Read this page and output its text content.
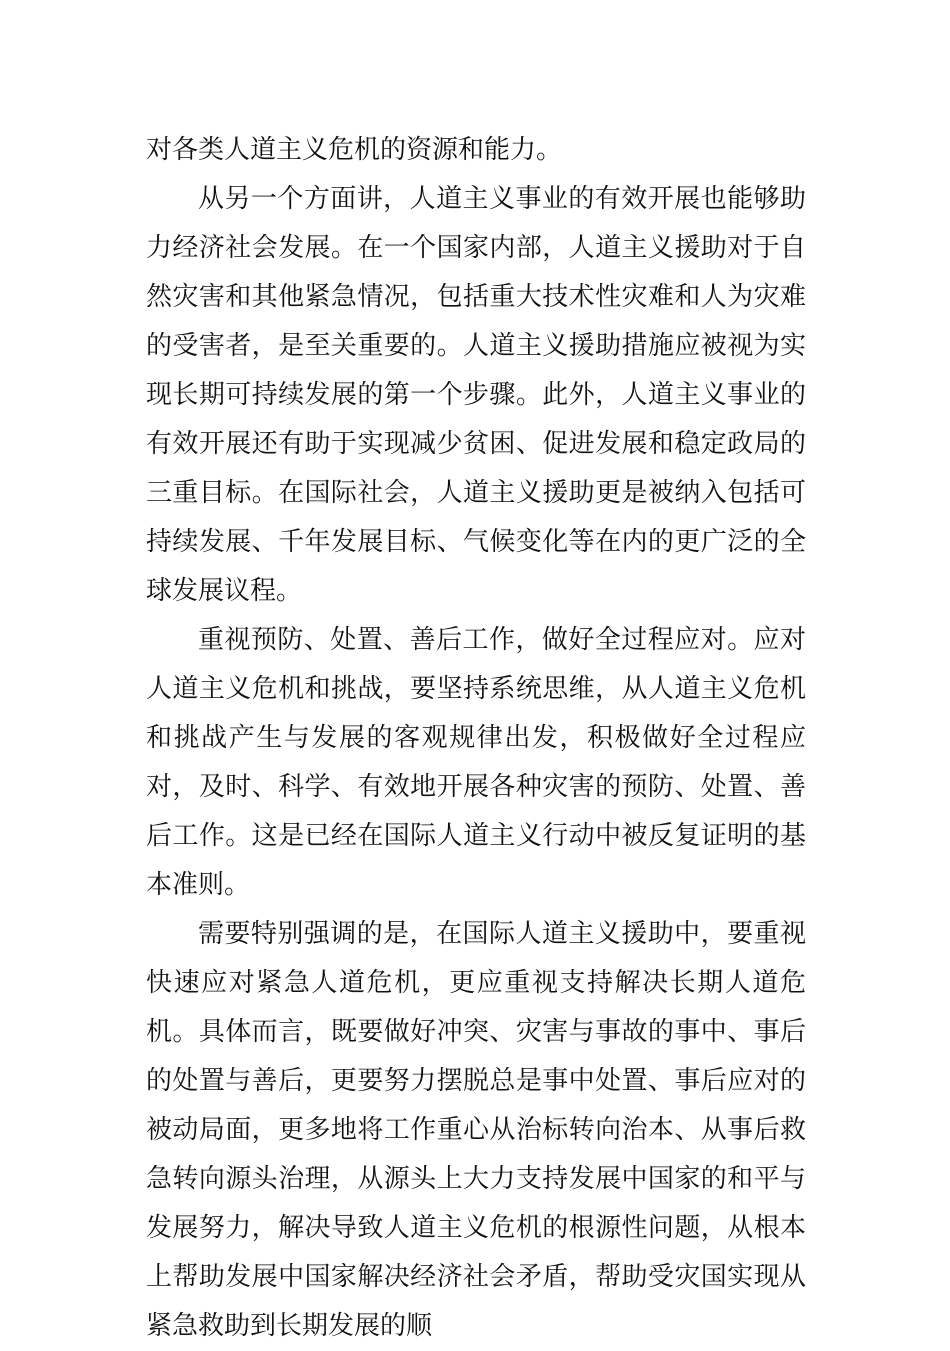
对各类人道主义危机的资源和能力。

从另一个方面讲，人道主义事业的有效开展也能够助力经济社会发展。在一个国家内部，人道主义援助对于自然灾害和其他紧急情况，包括重大技术性灾难和人为灾难的受害者，是至关重要的。人道主义援助措施应被视为实现长期可持续发展的第一个步骤。此外，人道主义事业的有效开展还有助于实现减少贫困、促进发展和稳定政局的三重目标。在国际社会，人道主义援助更是被纳入包括可持续发展、千年发展目标、气候变化等在内的更广泛的全球发展议程。

重视预防、处置、善后工作，做好全过程应对。应对人道主义危机和挑战，要坚持系统思维，从人道主义危机和挑战产生与发展的客观规律出发，积极做好全过程应对，及时、科学、有效地开展各种灾害的预防、处置、善后工作。这是已经在国际人道主义行动中被反复证明的基本准则。

需要特别强调的是，在国际人道主义援助中，要重视快速应对紧急人道危机，更应重视支持解决长期人道危机。具体而言，既要做好冲突、灾害与事故的事中、事后的处置与善后，更要努力摆脱总是事中处置、事后应对的被动局面，更多地将工作重心从治标转向治本、从事后救急转向源头治理，从源头上大力支持发展中国家的和平与发展努力，解决导致人道主义危机的根源性问题，从根本上帮助发展中国家解决经济社会矛盾，帮助受灾国实现从紧急救助到长期发展的顺
